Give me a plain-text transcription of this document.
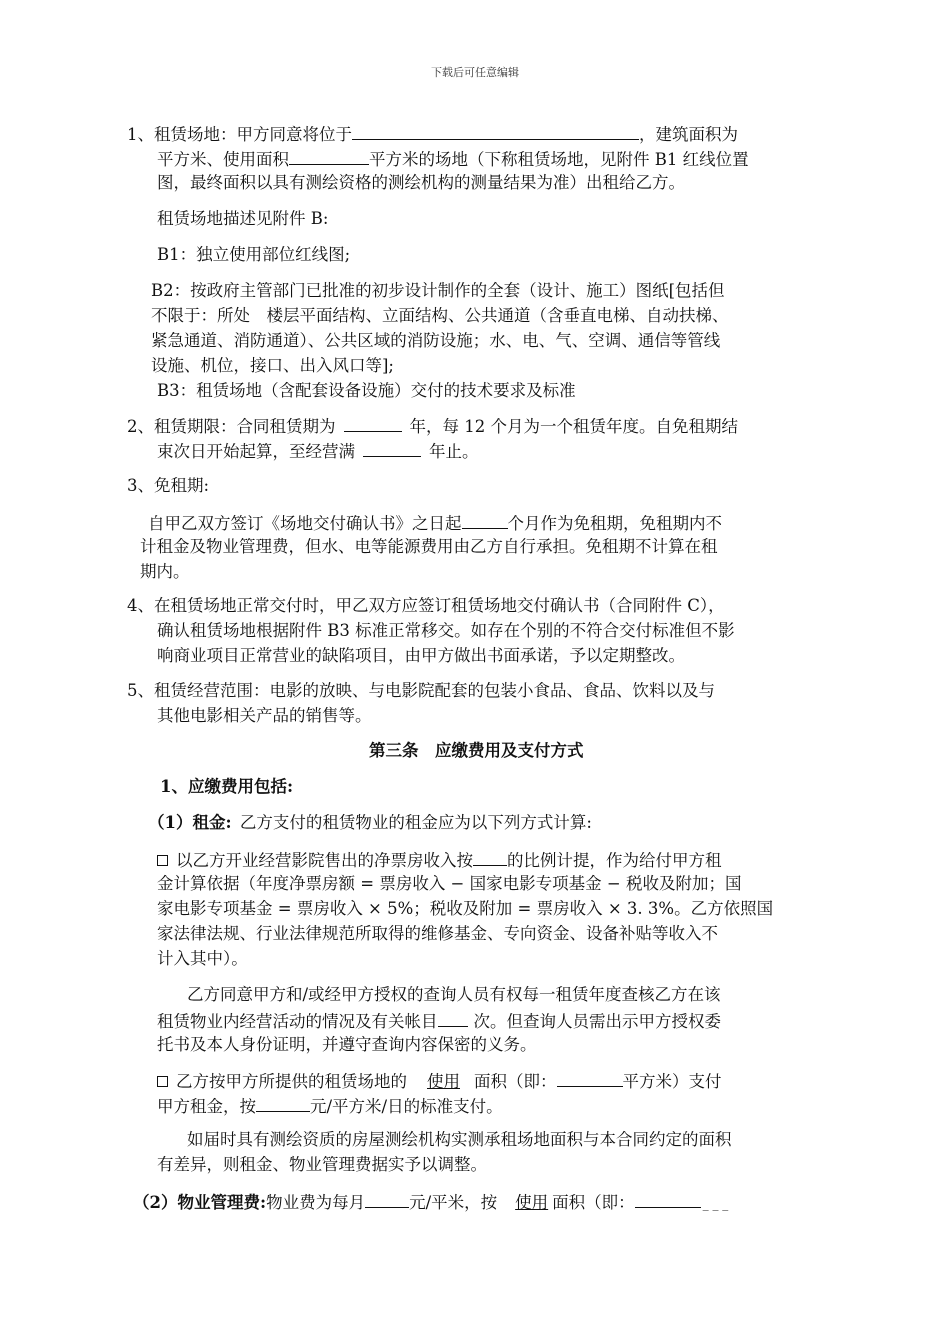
下载后可任意编辑
1、租赁场地：甲方同意将位于	，建筑面积为
平方米、使用面积	平方米的场地（下称租赁场地，见附件 B1 红线位置
图，最终面积以具有测绘资格的测绘机构的测量结果为准）出租给乙方。
租赁场地描述见附件 B:
B1：独立使用部位红线图;
B2：按政府主管部门已批准的初步设计制作的全套（设计、施工）图纸[包括但
不限于：所处　楼层平面结构、立面结构、公共通道（含垂直电梯、自动扶梯、
紧急通道、消防通道）、公共区域的消防设施；水、电、气、空调、通信等管线
设施、机位，接口、出入风口等];
B3：租赁场地（含配套设备设施）交付的技术要求及标准
2、租赁期限：合同租赁期为	年，每 12 个月为一个租赁年度。自免租期结
束次日开始起算，至经营满	年止。
3、免租期:
自甲乙双方签订《场地交付确认书》之日起	个月作为免租期，免租期内不
计租金及物业管理费，但水、电等能源费用由乙方自行承担。免租期不计算在租
期内。
4、在租赁场地正常交付时，甲乙双方应签订租赁场地交付确认书（合同附件 C），
确认租赁场地根据附件 B3 标准正常移交。如存在个别的不符合交付标准但不影
响商业项目正常营业的缺陷项目，由甲方做出书面承诺，予以定期整改。
5、租赁经营范围：电影的放映、与电影院配套的包装小食品、食品、饮料以及与
其他电影相关产品的销售等。
第三条　应缴费用及支付方式
1、应缴费用包括:
（1）租金:  乙方支付的租赁物业的租金应为以下列方式计算:
以乙方开业经营影院售出的净票房收入按 的比例计提，作为给付甲方租
金计算依据（年度净票房额 = 票房收入 − 国家电影专项基金 − 税收及附加；国
家电影专项基金 = 票房收入 × 5%；税收及附加 = 票房收入 × 3. 3%。乙方依照国
家法律法规、行业法律规范所取得的维修基金、专向资金、设备补贴等收入不
计入其中）。
乙方同意甲方和/或经甲方授权的查询人员有权每一租赁年度查核乙方在该
租赁物业内经营活动的情况及有关帐目 次。但查询人员需出示甲方授权委
托书及本人身份证明，并遵守查询内容保密的义务。
乙方按甲方所提供的租赁场地的 使用 面积（即：	平方米）支付
甲方租金，按	元/平方米/日的标准支付。
如届时具有测绘资质的房屋测绘机构实测承租场地面积与本合同约定的面积
有差异，则租金、物业管理费据实予以调整。
（2）物业管理费:物业费为每月	元/平米，按 使用 面积（即：	_ _ _
